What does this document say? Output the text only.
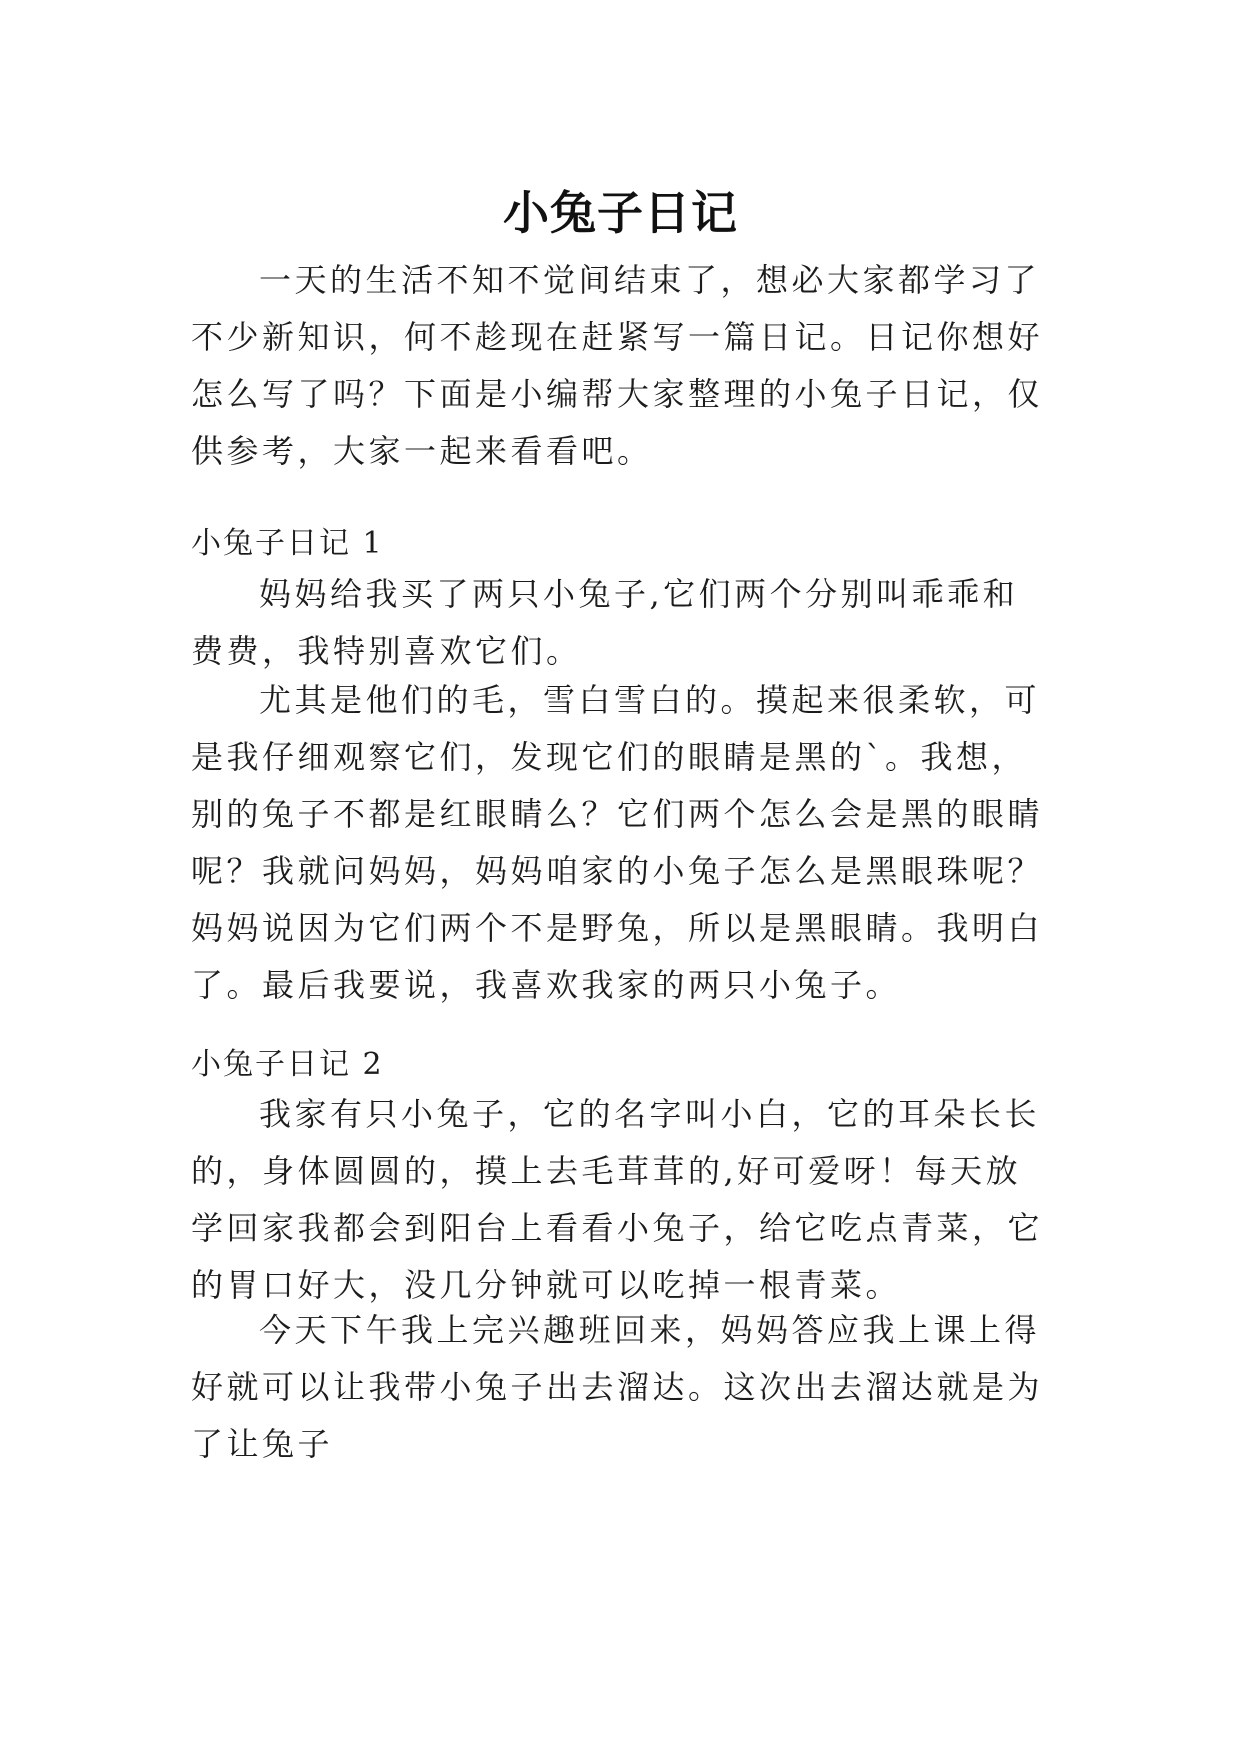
小兔子日记

一天的生活不知不觉间结束了，想必大家都学习了不少新知识，何不趁现在赶紧写一篇日记。日记你想好怎么写了吗？下面是小编帮大家整理的小兔子日记，仅供参考，大家一起来看看吧。

小兔子日记 1

妈妈给我买了两只小兔子,它们两个分别叫乖乖和费费，我特别喜欢它们。

尤其是他们的毛，雪白雪白的。摸起来很柔软，可是我仔细观察它们，发现它们的眼睛是黑的`。我想，别的兔子不都是红眼睛么？它们两个怎么会是黑的眼睛呢？我就问妈妈，妈妈咱家的小兔子怎么是黑眼珠呢？妈妈说因为它们两个不是野兔，所以是黑眼睛。我明白了。最后我要说，我喜欢我家的两只小兔子。

小兔子日记 2

我家有只小兔子，它的名字叫小白，它的耳朵长长的，身体圆圆的，摸上去毛茸茸的,好可爱呀！每天放学回家我都会到阳台上看看小兔子，给它吃点青菜，它的胃口好大，没几分钟就可以吃掉一根青菜。

今天下午我上完兴趣班回来，妈妈答应我上课上得好就可以让我带小兔子出去溜达。这次出去溜达就是为了让兔子
